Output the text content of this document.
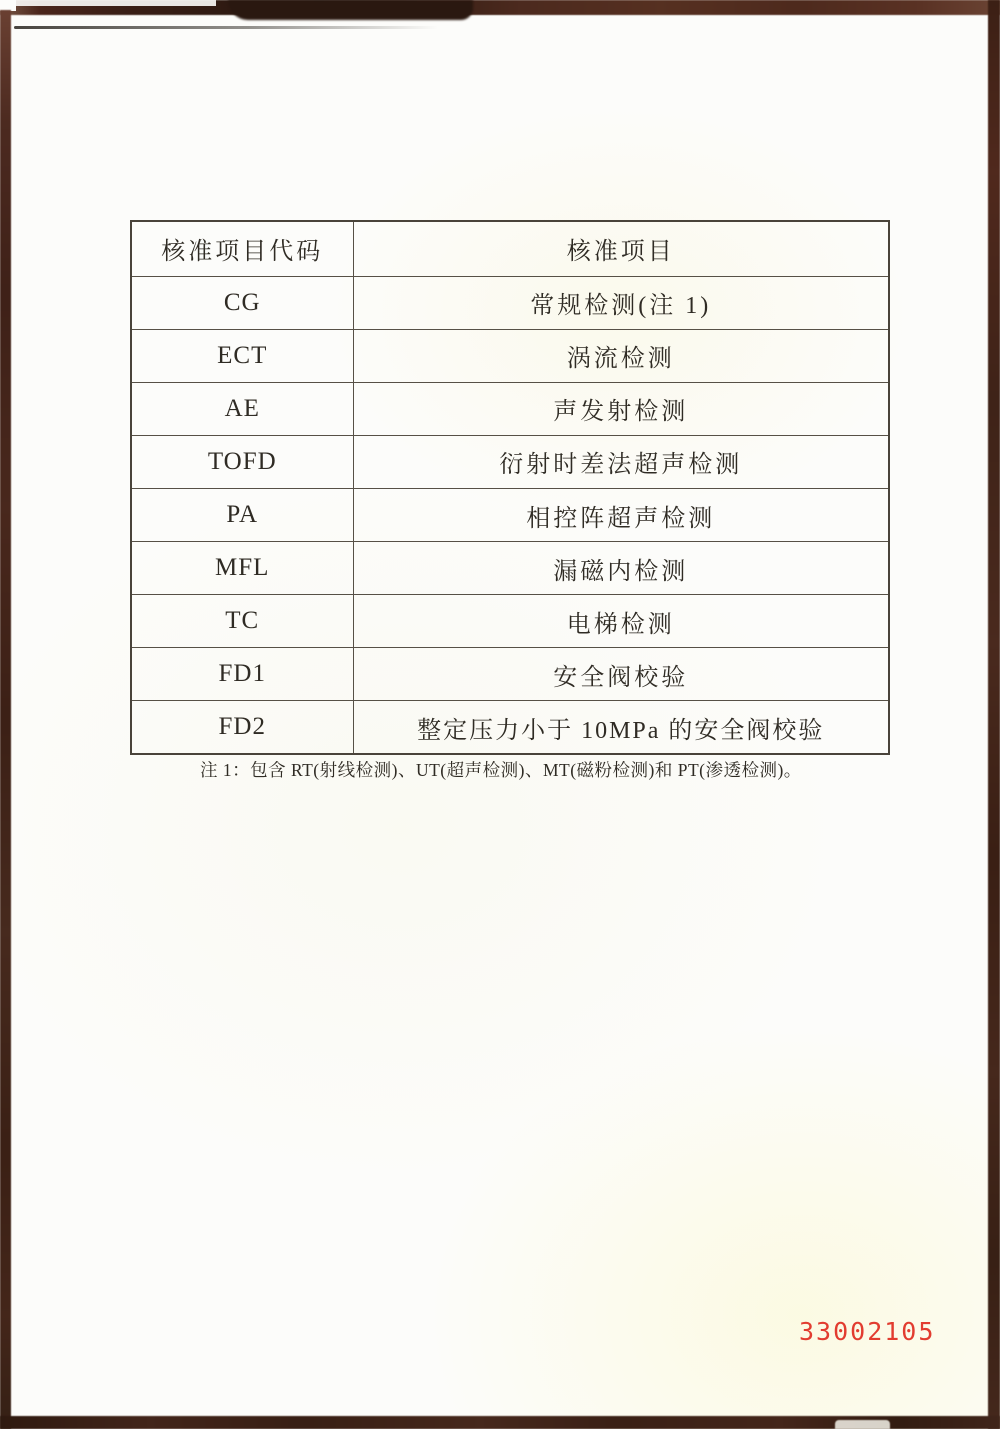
核准项目代码	核准项目
CG	常规检测(注 1)
ECT	涡流检测
AE	声发射检测
TOFD	衍射时差法超声检测
PA	相控阵超声检测
MFL	漏磁内检测
TC	电梯检测
FD1	安全阀校验
FD2	整定压力小于 10MPa 的安全阀校验
注 1：包含 RT(射线检测)、UT(超声检测)、MT(磁粉检测)和 PT(渗透检测)。
33002105
